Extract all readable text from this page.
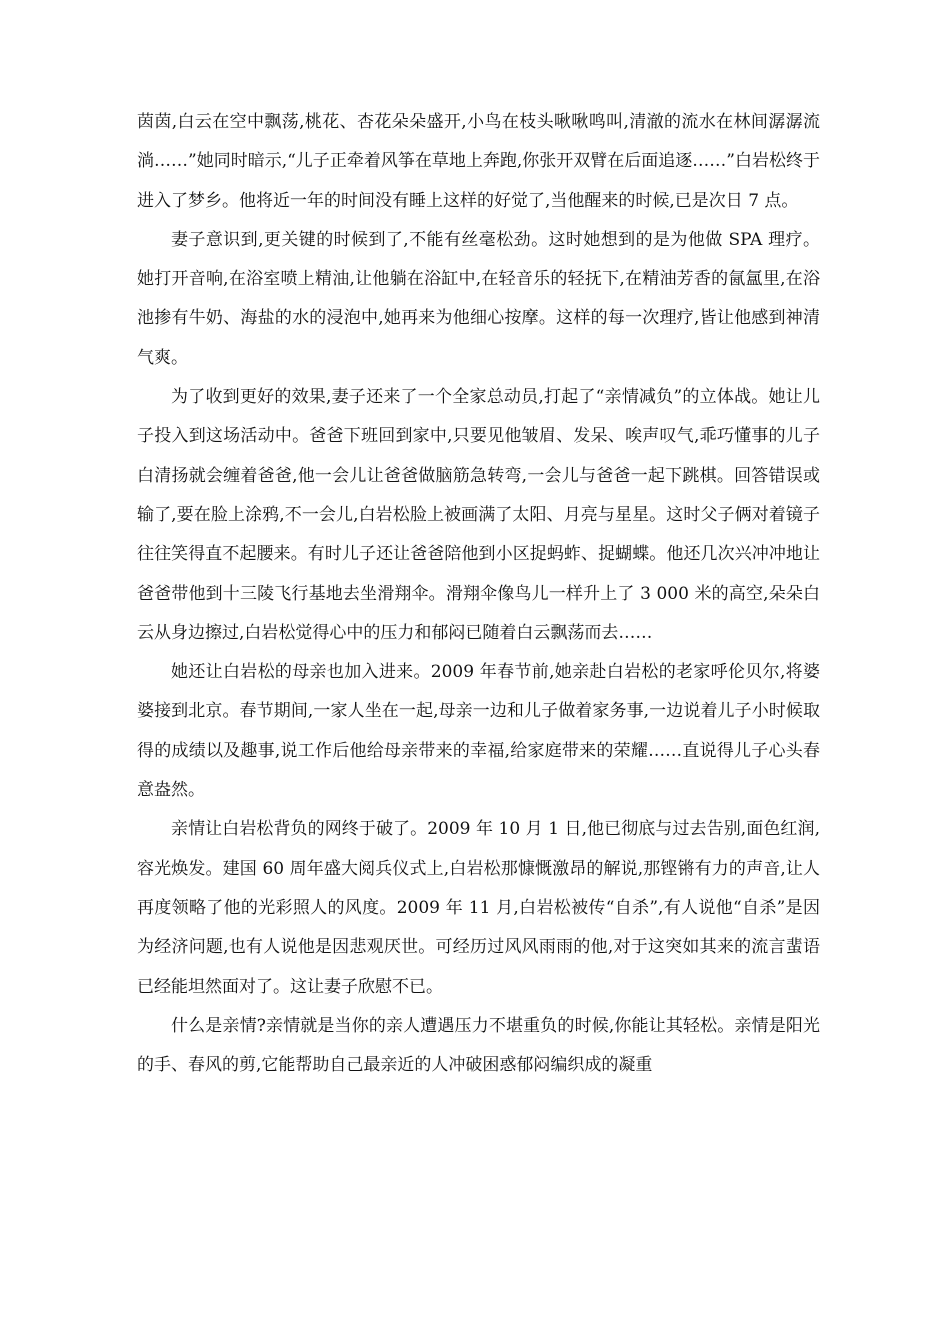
茵茵,白云在空中飘荡,桃花、杏花朵朵盛开,小鸟在枝头啾啾鸣叫,清澈的流水在林间潺潺流淌……”她同时暗示,“儿子正牵着风筝在草地上奔跑,你张开双臂在后面追逐……”白岩松终于进入了梦乡。他将近一年的时间没有睡上这样的好觉了,当他醒来的时候,已是次日 7 点。

妻子意识到,更关键的时候到了,不能有丝毫松劲。这时她想到的是为他做 SPA 理疗。她打开音响,在浴室喷上精油,让他躺在浴缸中,在轻音乐的轻抚下,在精油芳香的氤氲里,在浴池掺有牛奶、海盐的水的浸泡中,她再来为他细心按摩。这样的每一次理疗,皆让他感到神清气爽。

为了收到更好的效果,妻子还来了一个全家总动员,打起了“亲情减负”的立体战。她让儿子投入到这场活动中。爸爸下班回到家中,只要见他皱眉、发呆、唉声叹气,乖巧懂事的儿子白清扬就会缠着爸爸,他一会儿让爸爸做脑筋急转弯,一会儿与爸爸一起下跳棋。回答错误或输了,要在脸上涂鸦,不一会儿,白岩松脸上被画满了太阳、月亮与星星。这时父子俩对着镜子往往笑得直不起腰来。有时儿子还让爸爸陪他到小区捉蚂蚱、捉蝴蝶。他还几次兴冲冲地让爸爸带他到十三陵飞行基地去坐滑翔伞。滑翔伞像鸟儿一样升上了 3 000 米的高空,朵朵白云从身边擦过,白岩松觉得心中的压力和郁闷已随着白云飘荡而去……

她还让白岩松的母亲也加入进来。2009 年春节前,她亲赴白岩松的老家呼伦贝尔,将婆婆接到北京。春节期间,一家人坐在一起,母亲一边和儿子做着家务事,一边说着儿子小时候取得的成绩以及趣事,说工作后他给母亲带来的幸福,给家庭带来的荣耀……直说得儿子心头春意盎然。

亲情让白岩松背负的网终于破了。2009 年 10 月 1 日,他已彻底与过去告别,面色红润,容光焕发。建国 60 周年盛大阅兵仪式上,白岩松那慷慨激昂的解说,那铿锵有力的声音,让人再度领略了他的光彩照人的风度。2009 年 11 月,白岩松被传“自杀”,有人说他“自杀”是因为经济问题,也有人说他是因悲观厌世。可经历过风风雨雨的他,对于这突如其来的流言蜚语已经能坦然面对了。这让妻子欣慰不已。

什么是亲情?亲情就是当你的亲人遭遇压力不堪重负的时候,你能让其轻松。亲情是阳光的手、春风的剪,它能帮助自己最亲近的人冲破困惑郁闷编织成的凝重
